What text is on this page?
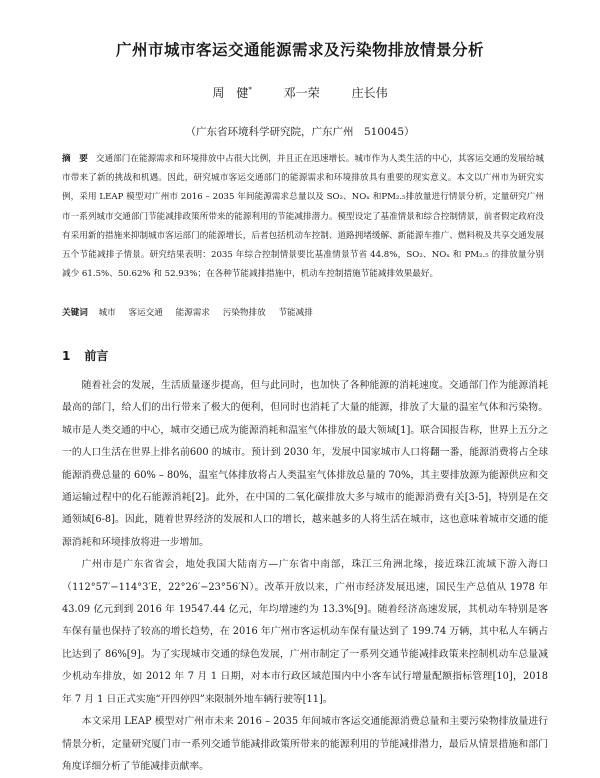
广州市城市客运交通能源需求及污染物排放情景分析
周　健*	邓一荣	庄长伟
（广东省环境科学研究院，广东广州　510045）
摘　要 交通部门在能源需求和环境排放中占很大比例，并且正在迅速增长。城市作为人类生活的中心，其客运交通的发展给城市带来了新的挑战和机遇。因此，研究城市客运交通部门的能源需求和环境排放具有重要的现实意义。本文以广州市为研究实例，采用 LEAP 模型对广州市 2016 – 2035 年间能源需求总量以及 SO₂、NOₓ 和PM₂.₅排放量进行情景分析，定量研究广州市一系列城市交通部门节能减排政策所带来的能源利用的节能减排潜力。模型设定了基准情景和综合控制情景，前者假定政府没有采用新的措施来抑制城市客运部门的能源增长，后者包括机动车控制、道路拥堵缓解、新能源车推广、燃料税及共享交通发展五个节能减排子情景。研究结果表明：2035 年综合控制情景要比基准情景节省 44.8%，SO₂、NOₓ 和 PM₂.₅ 的排放量分别减少 61.5%、50.62% 和 52.93%；在各种节能减排措施中，机动车控制措施节能减排效果最好。
关键词 城市 客运交通 能源需求 污染物排放 节能减排
1 前言

随着社会的发展，生活质量逐步提高，但与此同时，也加快了各种能源的消耗速度。交通部门作为能源消耗最高的部门，给人们的出行带来了极大的便利，但同时也消耗了大量的能源，排放了大量的温室气体和污染物。城市是人类交通的中心，城市交通已成为能源消耗和温室气体排放的最大领域[1]。联合国报告称，世界上五分之一的人口生活在世界上排名前600 的城市。预计到 2030 年，发展中国家城市人口将翻一番，能源消费将占全球能源消费总量的 60% – 80%，温室气体排放将占人类温室气体排放总量的 70%，其主要排放源为能源供应和交通运输过程中的化石能源消耗[2]。此外，在中国的二氧化碳排放大多与城市的能源消费有关[3-5]，特别是在交通领域[6-8]。因此，随着世界经济的发展和人口的增长，越来越多的人将生活在城市，这也意味着城市交通的能源消耗和环境排放将进一步增加。

广州市是广东省省会，地处我国大陆南方—广东省中南部，珠江三角洲北缘，接近珠江流域下游入海口（112°57′−114°3′E，22°26′−23°56′N）。改革开放以来，广州市经济发展迅速，国民生产总值从 1978 年 43.09 亿元到到 2016 年 19547.44 亿元，年均增速约为 13.3%[9]。随着经济高速发展，其机动车特别是客车保有量也保持了较高的增长趋势，在 2016 年广州市客运机动车保有量达到了 199.74 万辆，其中私人车辆占比达到了 86%[9]。为了实现城市交通的绿色发展，广州市制定了一系列交通节能减排政策来控制机动车总量减少机动车排放，如 2012 年 7 月 1 日期，对本市行政区域范围内中小客车试行增量配额指标管理[10]，2018 年 7 月 1 日正式实施“开四停四”来限制外地车辆行驶等[11]。

本文采用 LEAP 模型对广州市未来 2016 – 2035 年间城市客运交通能源消费总量和主要污染物排放量进行情景分析，定量研究厦门市一系列交通节能减排政策所带来的能源利用的节能减排潜力，最后从情景措施和部门角度详细分析了节能减排贡献率。
